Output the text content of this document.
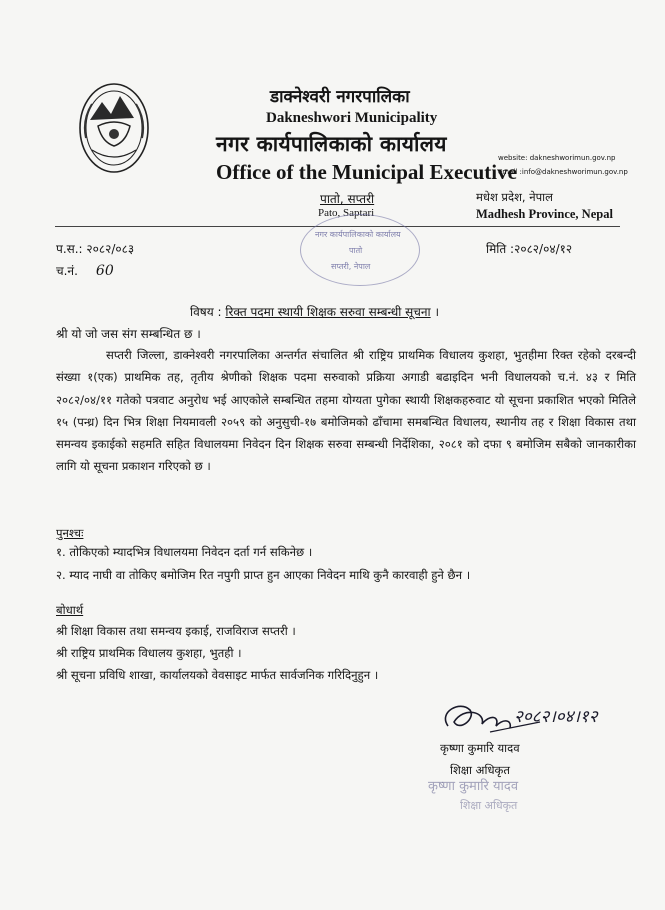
डाक्नेश्वरी नगरपालिका
Dakneshwori Municipality
नगर कार्यपालिकाको कार्यालय
Office of the Municipal Executive
website: dakneshworimun.gov.np
email :info@dakneshworimun.gov.np
पातो, सप्तरी
Pato, Saptari
मधेश प्रदेश, नेपाल
Madhesh Province, Nepal
नगर कार्यपालिकाको कार्यालय
पातो
सप्तरी, नेपाल
प.स.: २०८२/०८३
च.नं. 60
मिति :२०८२/०४/१२
विषय : रिक्त पदमा स्थायी शिक्षक सरुवा सम्बन्धी सूचना ।
श्री यो जो जस संग सम्बन्धित छ ।
सप्तरी जिल्ला, डाक्नेश्वरी नगरपालिका अन्तर्गत संचालित श्री राष्ट्रिय प्राथमिक विधालय कुशहा, भुतहीमा रिक्त रहेको दरबन्दी संख्या १(एक) प्राथमिक तह, तृतीय श्रेणीको शिक्षक पदमा सरुवाको प्रक्रिया अगाडी बढाइदिन भनी विधालयको च.नं. ४३ र मिति २०८२/०४/११ गतेको पत्रवाट अनुरोध भई आएकोले सम्बन्धित तहमा योग्यता पुगेका स्थायी शिक्षकहरुवाट यो सूचना प्रकाशित भएको मितिले १५ (पन्ध्र) दिन भित्र शिक्षा नियमावली २०५९ को अनुसुची-१७ बमोजिमको ढाँचामा समबन्धित विधालय, स्थानीय तह र शिक्षा विकास तथा समन्वय इकाईको सहमति सहित विधालयमा निवेदन दिन शिक्षक सरुवा सम्बन्धी निर्देशिका, २०८१ को दफा ९ बमोजिम सबैको जानकारीका लागि यो सूचना प्रकाशन गरिएको छ ।
पुनश्चः
१. तोकिएको म्यादभित्र विधालयमा निवेदन दर्ता गर्न सकिनेछ ।
२. म्याद नाघी वा तोकिए बमोजिम रित नपुगी प्राप्त हुन आएका निवेदन माथि कुनै कारवाही हुने छैन ।
बोधार्थ
श्री शिक्षा विकास तथा समन्वय इकाई, राजविराज सप्तरी ।
श्री राष्ट्रिय प्राथमिक विधालय कुशहा, भुतही ।
श्री सूचना प्रविधि शाखा, कार्यालयको वेवसाइट मार्फत सार्वजनिक गरिदिनुहुन ।
२०८२।०४।१२
कृष्णा कुमारि यादव
शिक्षा अधिकृत
कृष्णा कुमारि यादव
शिक्षा अधिकृत
